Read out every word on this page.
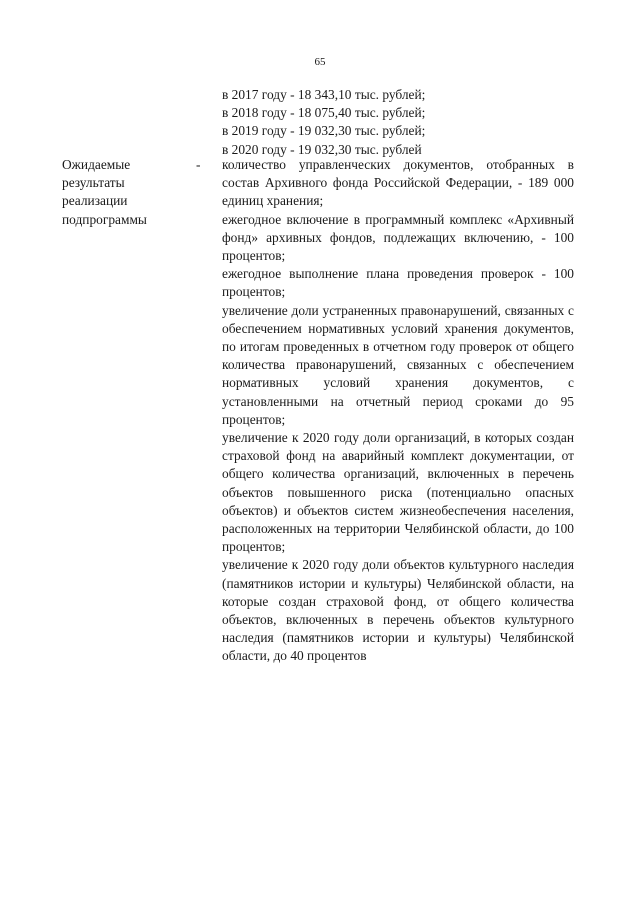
65
в 2017 году - 18 343,10 тыс. рублей;
в 2018 году - 18 075,40 тыс. рублей;
в 2019 году - 19 032,30 тыс. рублей;
в 2020 году - 19 032,30 тыс. рублей
Ожидаемые
результаты
реализации
подпрограммы
- количество управленческих документов, отобранных в состав Архивного фонда Российской Федерации, - 189 000 единиц хранения;
ежегодное включение в программный комплекс «Архивный фонд» архивных фондов, подлежащих включению, - 100 процентов;
ежегодное выполнение плана проведения проверок - 100 процентов;
увеличение доли устраненных правонарушений, связанных с обеспечением нормативных условий хранения документов, по итогам проведенных в отчетном году проверок от общего количества правонарушений, связанных с обеспечением нормативных условий хранения документов, с установленными на отчетный период сроками до 95 процентов;
увеличение к 2020 году доли организаций, в которых создан страховой фонд на аварийный комплект документации, от общего количества организаций, включенных в перечень объектов повышенного риска (потенциально опасных объектов) и объектов систем жизнеобеспечения населения, расположенных на территории Челябинской области, до 100 процентов;
увеличение к 2020 году доли объектов культурного наследия (памятников истории и культуры) Челябинской области, на которые создан страховой фонд, от общего количества объектов, включенных в перечень объектов культурного наследия (памятников истории и культуры) Челябинской области, до 40 процентов
